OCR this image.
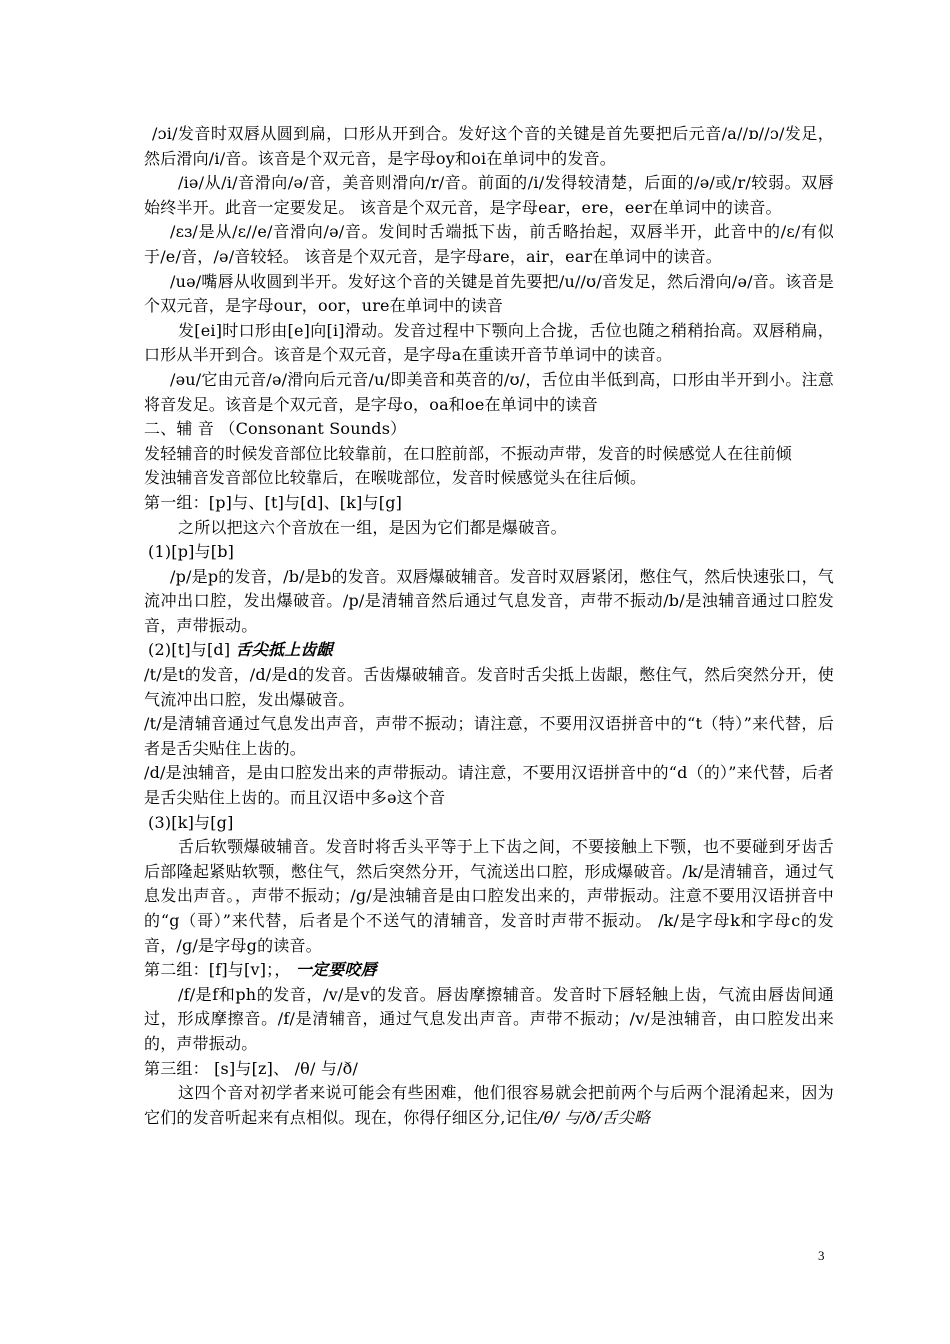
/ɔi/发音时双唇从圆到扁，口形从开到合。发好这个音的关键是首先要把后元音/a//ɒ//ɔ/发足，然后滑向/i/音。该音是个双元音，是字母oy和oi在单词中的发音。

/iə/从/i/音滑向/ə/音，美音则滑向/r/音。前面的/i/发得较清楚，后面的/ə/或/r/较弱。双唇始终半开。此音一定要发足。 该音是个双元音，是字母ear，ere，eer在单词中的读音。

/ɛɜ/是从/ɛ//e/音滑向/ə/音。发间时舌端抵下齿，前舌略抬起，双唇半开，此音中的/ɛ/有似于/e/音，/ə/音较轻。 该音是个双元音，是字母are，air，ear在单词中的读音。

/uə/嘴唇从收圆到半开。发好这个音的关键是首先要把/u//ʊ/音发足，然后滑向/ə/音。该音是个双元音，是字母our，oor，ure在单词中的读音

发[ei]时口形由[e]向[i]滑动。发音过程中下颚向上合拢，舌位也随之稍稍抬高。双唇稍扁，口形从半开到合。该音是个双元音，是字母a在重读开音节单词中的读音。

/əu/它由元音/ə/滑向后元音/u/即美音和英音的/ʊ/，舌位由半低到高，口形由半开到小。注意将音发足。该音是个双元音，是字母o，oa和oe在单词中的读音

二、辅 音 （Consonant Sounds）

发轻辅音的时候发音部位比较靠前，在口腔前部，不振动声带，发音的时候感觉人在往前倾

发浊辅音发音部位比较靠后，在喉咙部位，发音时候感觉头在往后倾。

第一组：[p]与、[t]与[d]、[k]与[g]

之所以把这六个音放在一组，是因为它们都是爆破音。

(1)[p]与[b]

/p/是p的发音，/b/是b的发音。双唇爆破辅音。发音时双唇紧闭，憋住气，然后快速张口，气流冲出口腔，发出爆破音。/p/是清辅音然后通过气息发音，声带不振动/b/是浊辅音通过口腔发音，声带振动。

(2)[t]与[d] 舌尖抵上齿龈

/t/是t的发音，/d/是d的发音。舌齿爆破辅音。发音时舌尖抵上齿龈，憋住气，然后突然分开，使气流冲出口腔，发出爆破音。

/t/是清辅音通过气息发出声音，声带不振动；请注意，不要用汉语拼音中的“t（特）”来代替，后者是舌尖贴住上齿的。

/d/是浊辅音，是由口腔发出来的声带振动。请注意，不要用汉语拼音中的“d（的）”来代替，后者是舌尖贴住上齿的。而且汉语中多ə这个音

(3)[k]与[g]

舌后软颚爆破辅音。发音时将舌头平等于上下齿之间，不要接触上下颚，也不要碰到牙齿舌后部隆起紧贴软颚，憋住气，然后突然分开，气流送出口腔，形成爆破音。/k/是清辅音，通过气息发出声音。，声带不振动；/ɡ/是浊辅音是由口腔发出来的，声带振动。注意不要用汉语拼音中的“g（哥）”来代替，后者是个不送气的清辅音，发音时声带不振动。 /k/是字母k和字母c的发音，/ɡ/是字母g的读音。

第二组：[f]与[v]；， 一定要咬唇

/f/是f和ph的发音，/v/是v的发音。唇齿摩擦辅音。发音时下唇轻触上齿，气流由唇齿间通过，形成摩擦音。/f/是清辅音，通过气息发出声音。声带不振动；/v/是浊辅音，由口腔发出来的，声带振动。

第三组： [s]与[z]、 /θ/ 与/ð/

这四个音对初学者来说可能会有些困难，他们很容易就会把前两个与后两个混淆起来，因为它们的发音听起来有点相似。现在，你得仔细区分,记住/θ/ 与/ð/舌尖略

3
